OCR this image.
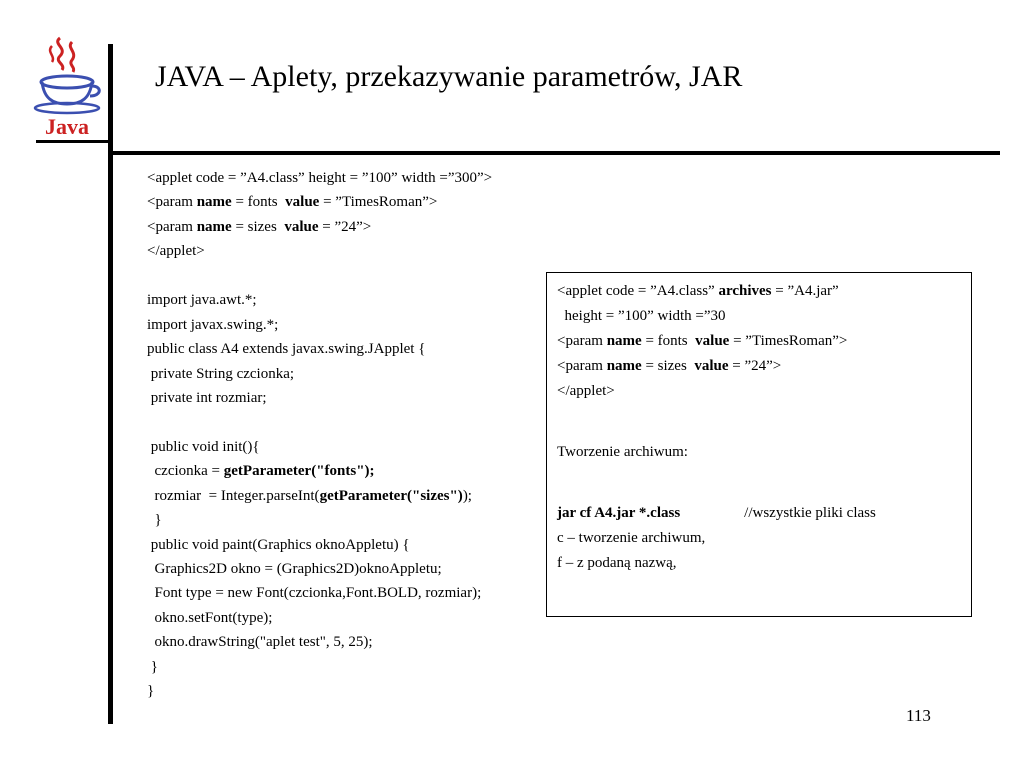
Java
JAVA – Aplety, przekazywanie parametrów, JAR
<applet code = ”A4.class” height = ”100” width =”300”>
<param name = fonts  value = ”TimesRoman”>
<param name = sizes  value = ”24”>
</applet>
import java.awt.*;
import javax.swing.*;
public class A4 extends javax.swing.JApplet {
private String czcionka;
private int rozmiar;
public void init(){
czcionka = getParameter("fonts");
rozmiar  = Integer.parseInt(getParameter("sizes"));
}
public void paint(Graphics oknoAppletu) {
Graphics2D okno = (Graphics2D)oknoAppletu;
Font type = new Font(czcionka,Font.BOLD, rozmiar);
okno.setFont(type);
okno.drawString("aplet test", 5, 25);
}
}
<applet code = ”A4.class” archives = ”A4.jar”
height = ”100” width =”30
<param name = fonts  value = ”TimesRoman”>
<param name = sizes  value = ”24”>
</applet>
Tworzenie archiwum:
jar cf A4.jar *.class	//wszystkie pliki class
c – tworzenie archiwum,
f – z podaną nazwą,
113
